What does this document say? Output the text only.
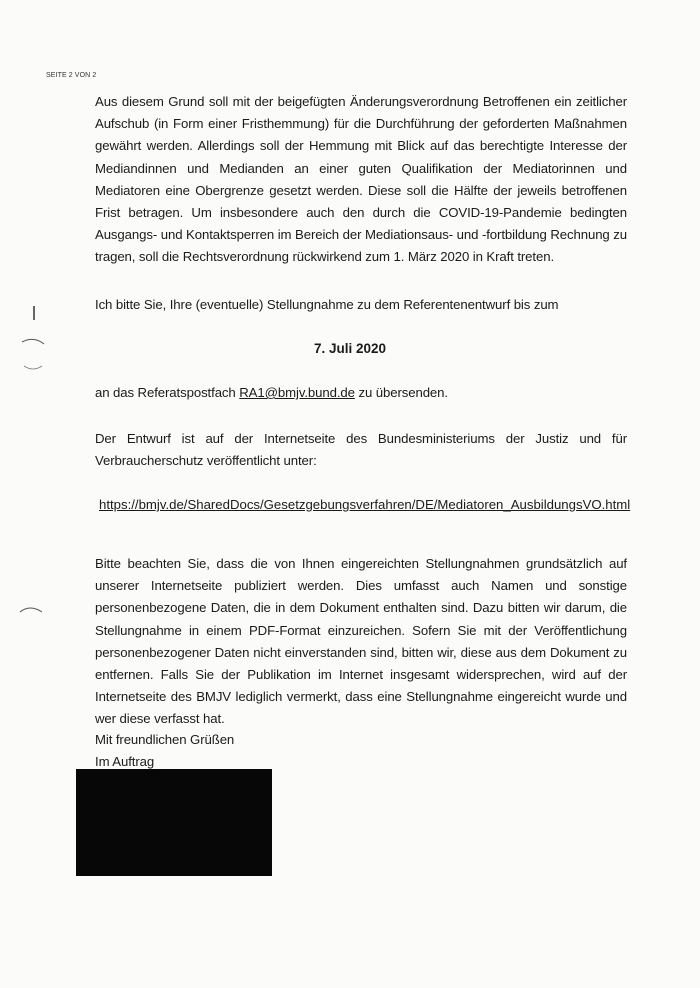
SEITE 2 VON 2
Aus diesem Grund soll mit der beigefügten Änderungsverordnung Betroffenen ein zeitlicher Aufschub (in Form einer Fristhemmung) für die Durchführung der geforderten Maßnahmen gewährt werden. Allerdings soll der Hemmung mit Blick auf das berechtigte Interesse der Mediandinnen und Medianden an einer guten Qualifikation der Mediatorinnen und Mediatoren eine Obergrenze gesetzt werden. Diese soll die Hälfte der jeweils betroffenen Frist betragen. Um insbesondere auch den durch die COVID-19-Pandemie bedingten Ausgangs- und Kontaktsperren im Bereich der Mediationsaus- und -fortbildung Rechnung zu tragen, soll die Rechtsverordnung rückwirkend zum 1. März 2020 in Kraft treten.
Ich bitte Sie, Ihre (eventuelle) Stellungnahme zu dem Referentenentwurf bis zum
7. Juli 2020
an das Referatspostfach RA1@bmjv.bund.de zu übersenden.
Der Entwurf ist auf der Internetseite des Bundesministeriums der Justiz und für Verbraucherschutz veröffentlicht unter:
https://bmjv.de/SharedDocs/Gesetzgebungsverfahren/DE/Mediatoren_AusbildungsVO.html
Bitte beachten Sie, dass die von Ihnen eingereichten Stellungnahmen grundsätzlich auf unserer Internetseite publiziert werden. Dies umfasst auch Namen und sonstige personenbezogene Daten, die in dem Dokument enthalten sind. Dazu bitten wir darum, die Stellungnahme in einem PDF-Format einzureichen. Sofern Sie mit der Veröffentlichung personenbezogener Daten nicht einverstanden sind, bitten wir, diese aus dem Dokument zu entfernen. Falls Sie der Publikation im Internet insgesamt widersprechen, wird auf der Internetseite des BMJV lediglich vermerkt, dass eine Stellungnahme eingereicht wurde und wer diese verfasst hat.
Mit freundlichen Grüßen
Im Auftrag
